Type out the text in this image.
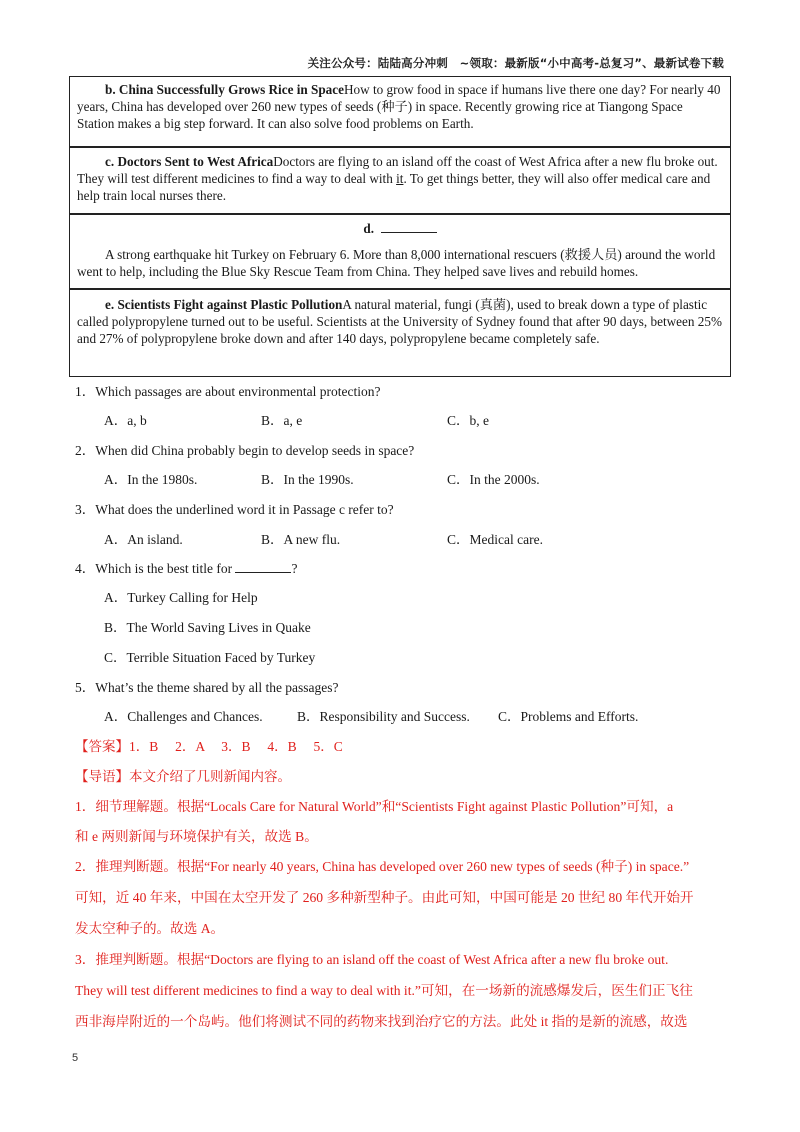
关注公众号：陆陆高分冲刺　~领取：最新版“小中高考-总复习”、最新试卷下载
b. China Successfully Grows Rice in SpaceHow to grow food in space if humans live there one day? For nearly 40 years, China has developed over 260 new types of seeds (种子) in space. Recently growing rice at Tiangong Space Station makes a big step forward. It can also solve food problems on Earth.
c. Doctors Sent to West AfricaDoctors are flying to an island off the coast of West Africa after a new flu broke out. They will test different medicines to find a way to deal with it. To get things better, they will also offer medical care and help train local nurses there.
d.
A strong earthquake hit Turkey on February 6. More than 8,000 international rescuers (救援人员) around the world went to help, including the Blue Sky Rescue Team from China. They helped save lives and rebuild homes.
e. Scientists Fight against Plastic PollutionA natural material, fungi (真菌), used to break down a type of plastic called polypropylene turned out to be useful. Scientists at the University of Sydney found that after 90 days, between 25% and 27% of polypropylene broke down and after 140 days, polypropylene became completely safe.
1．Which passages are about environmental protection?
A．a, b	B．a, e	C．b, e
2．When did China probably begin to develop seeds in space?
A．In the 1980s.	B．In the 1990s.	C．In the 2000s.
3．What does the underlined word it in Passage c refer to?
A．An island.	B．A new flu.	C．Medical care.
4．Which is the best title for	?
A．Turkey Calling for Help
B．The World Saving Lives in Quake
C．Terrible Situation Faced by Turkey
5．What’s the theme shared by all the passages?
A．Challenges and Chances.	B．Responsibility and Success. C．Problems and Efforts.
【答案】1．B　 2．A　 3．B　 4．B　 5．C
【导语】本文介绍了几则新闻内容。
1．细节理解题。根据“Locals Care for Natural World”和“Scientists Fight against Plastic Pollution”可知，a
和 e 两则新闻与环境保护有关，故选 B。
2．推理判断题。根据“For nearly 40 years, China has developed over 260 new types of seeds (种子) in space.”
可知，近 40 年来，中国在太空开发了 260 多种新型种子。由此可知，中国可能是 20 世纪 80 年代开始开
发太空种子的。故选 A。
3．推理判断题。根据“Doctors are flying to an island off the coast of West Africa after a new flu broke out.
They will test different medicines to find a way to deal with it.”可知，在一场新的流感爆发后，医生们正飞往
西非海岸附近的一个岛屿。他们将测试不同的药物来找到治疗它的方法。此处 it 指的是新的流感，故选
5
